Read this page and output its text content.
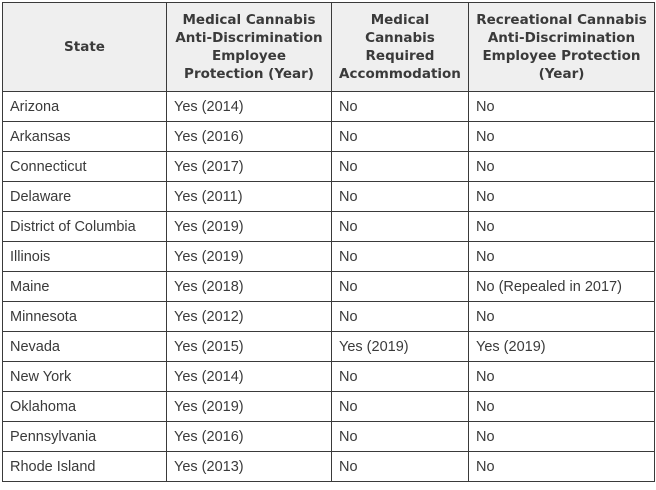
State	Medical Cannabis Anti-Discrimination Employee Protection (Year)	Medical Cannabis Required Accommodation	Recreational Cannabis Anti-Discrimination Employee Protection (Year)
Arizona	Yes (2014)	No	No
Arkansas	Yes (2016)	No	No
Connecticut	Yes (2017)	No	No
Delaware	Yes (2011)	No	No
District of Columbia	Yes (2019)	No	No
Illinois	Yes (2019)	No	No
Maine	Yes (2018)	No	No (Repealed in 2017)
Minnesota	Yes (2012)	No	No
Nevada	Yes (2015)	Yes (2019)	Yes (2019)
New York	Yes (2014)	No	No
Oklahoma	Yes (2019)	No	No
Pennsylvania	Yes (2016)	No	No
Rhode Island	Yes (2013)	No	No
